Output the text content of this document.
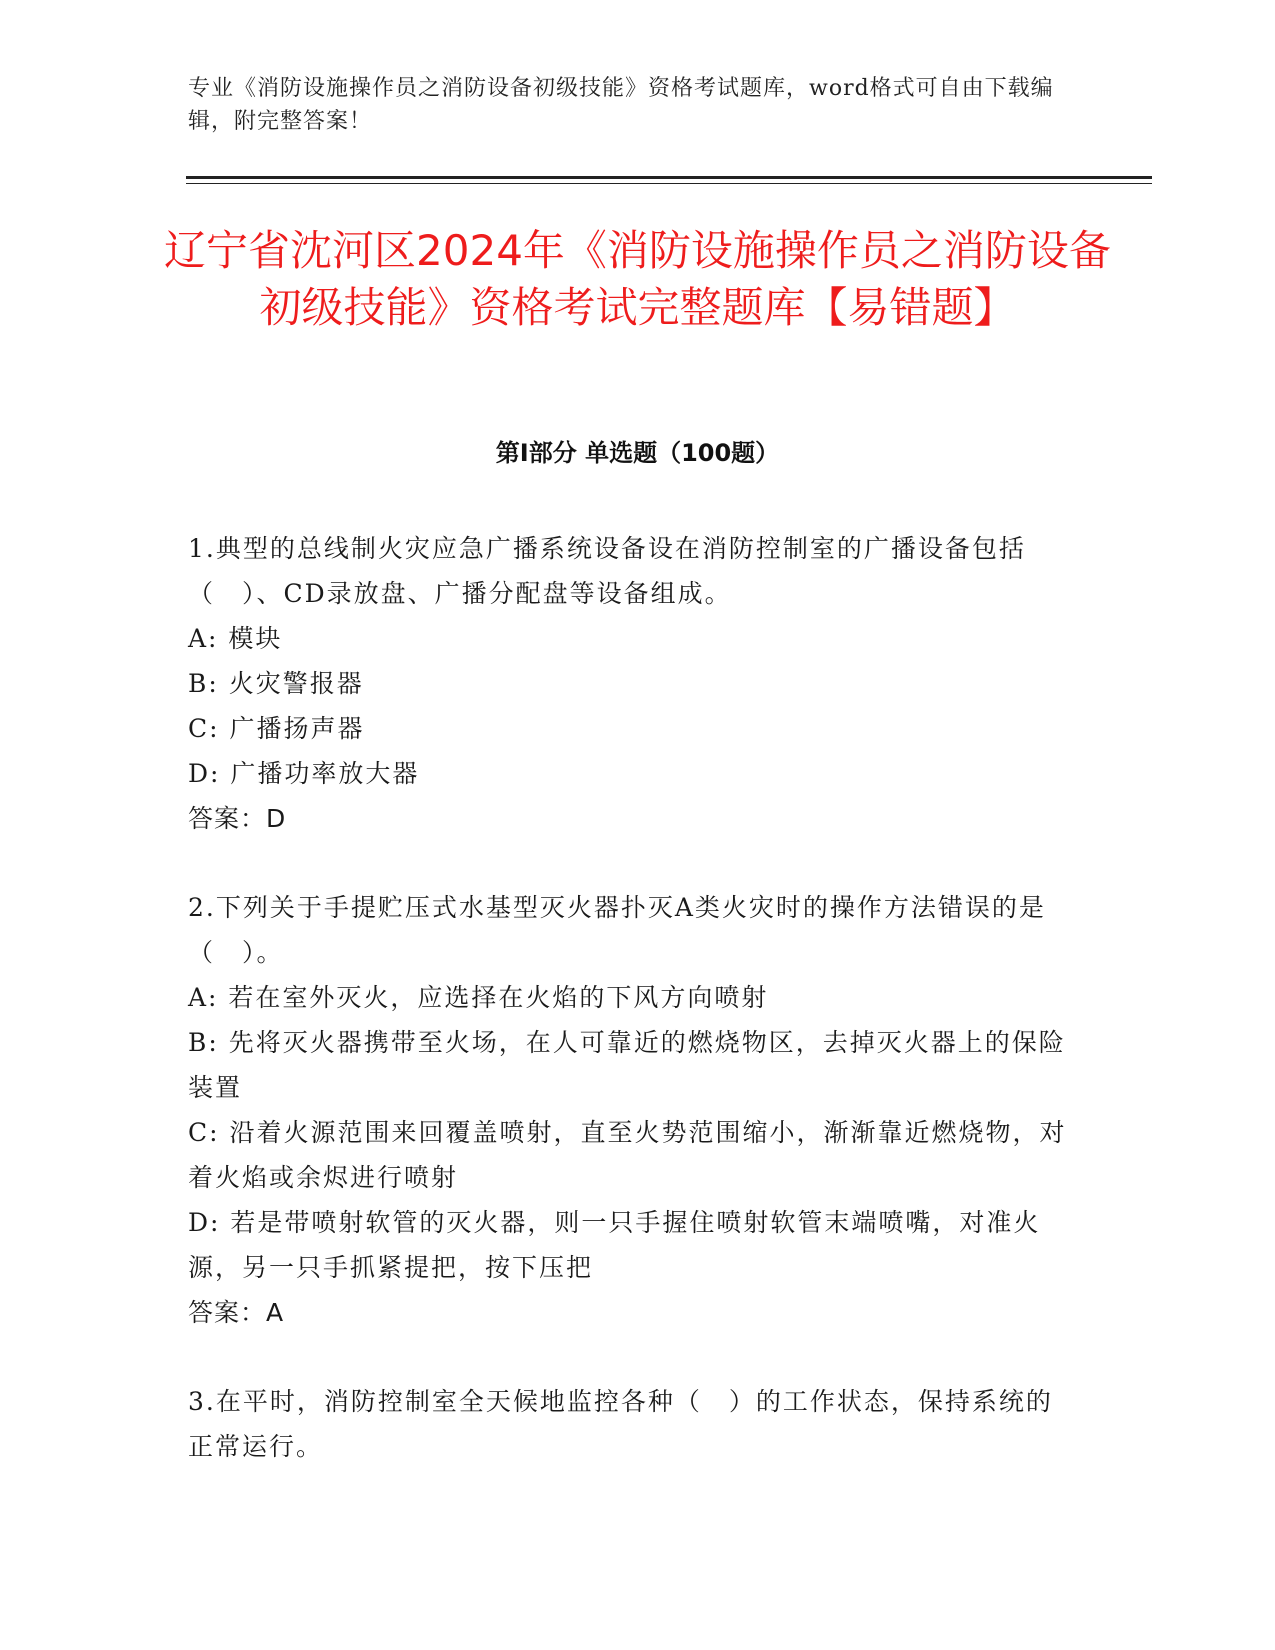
专业《消防设施操作员之消防设备初级技能》资格考试题库，word格式可自由下载编辑，附完整答案！
辽宁省沈河区2024年《消防设施操作员之消防设备初级技能》资格考试完整题库【易错题】
第Ⅰ部分 单选题（100题）

1.典型的总线制火灾应急广播系统设备设在消防控制室的广播设备包括（　）、CD录放盘、广播分配盘等设备组成。

A: 模块

B: 火灾警报器

C: 广播扬声器

D: 广播功率放大器

答案：D

2.下列关于手提贮压式水基型灭火器扑灭A类火灾时的操作方法错误的是（　）。

A: 若在室外灭火，应选择在火焰的下风方向喷射

B: 先将灭火器携带至火场，在人可靠近的燃烧物区，去掉灭火器上的保险装置

C: 沿着火源范围来回覆盖喷射，直至火势范围缩小，渐渐靠近燃烧物，对着火焰或余烬进行喷射

D: 若是带喷射软管的灭火器，则一只手握住喷射软管末端喷嘴，对准火源，另一只手抓紧提把，按下压把

答案：A

3.在平时，消防控制室全天候地监控各种（　）的工作状态，保持系统的正常运行。
